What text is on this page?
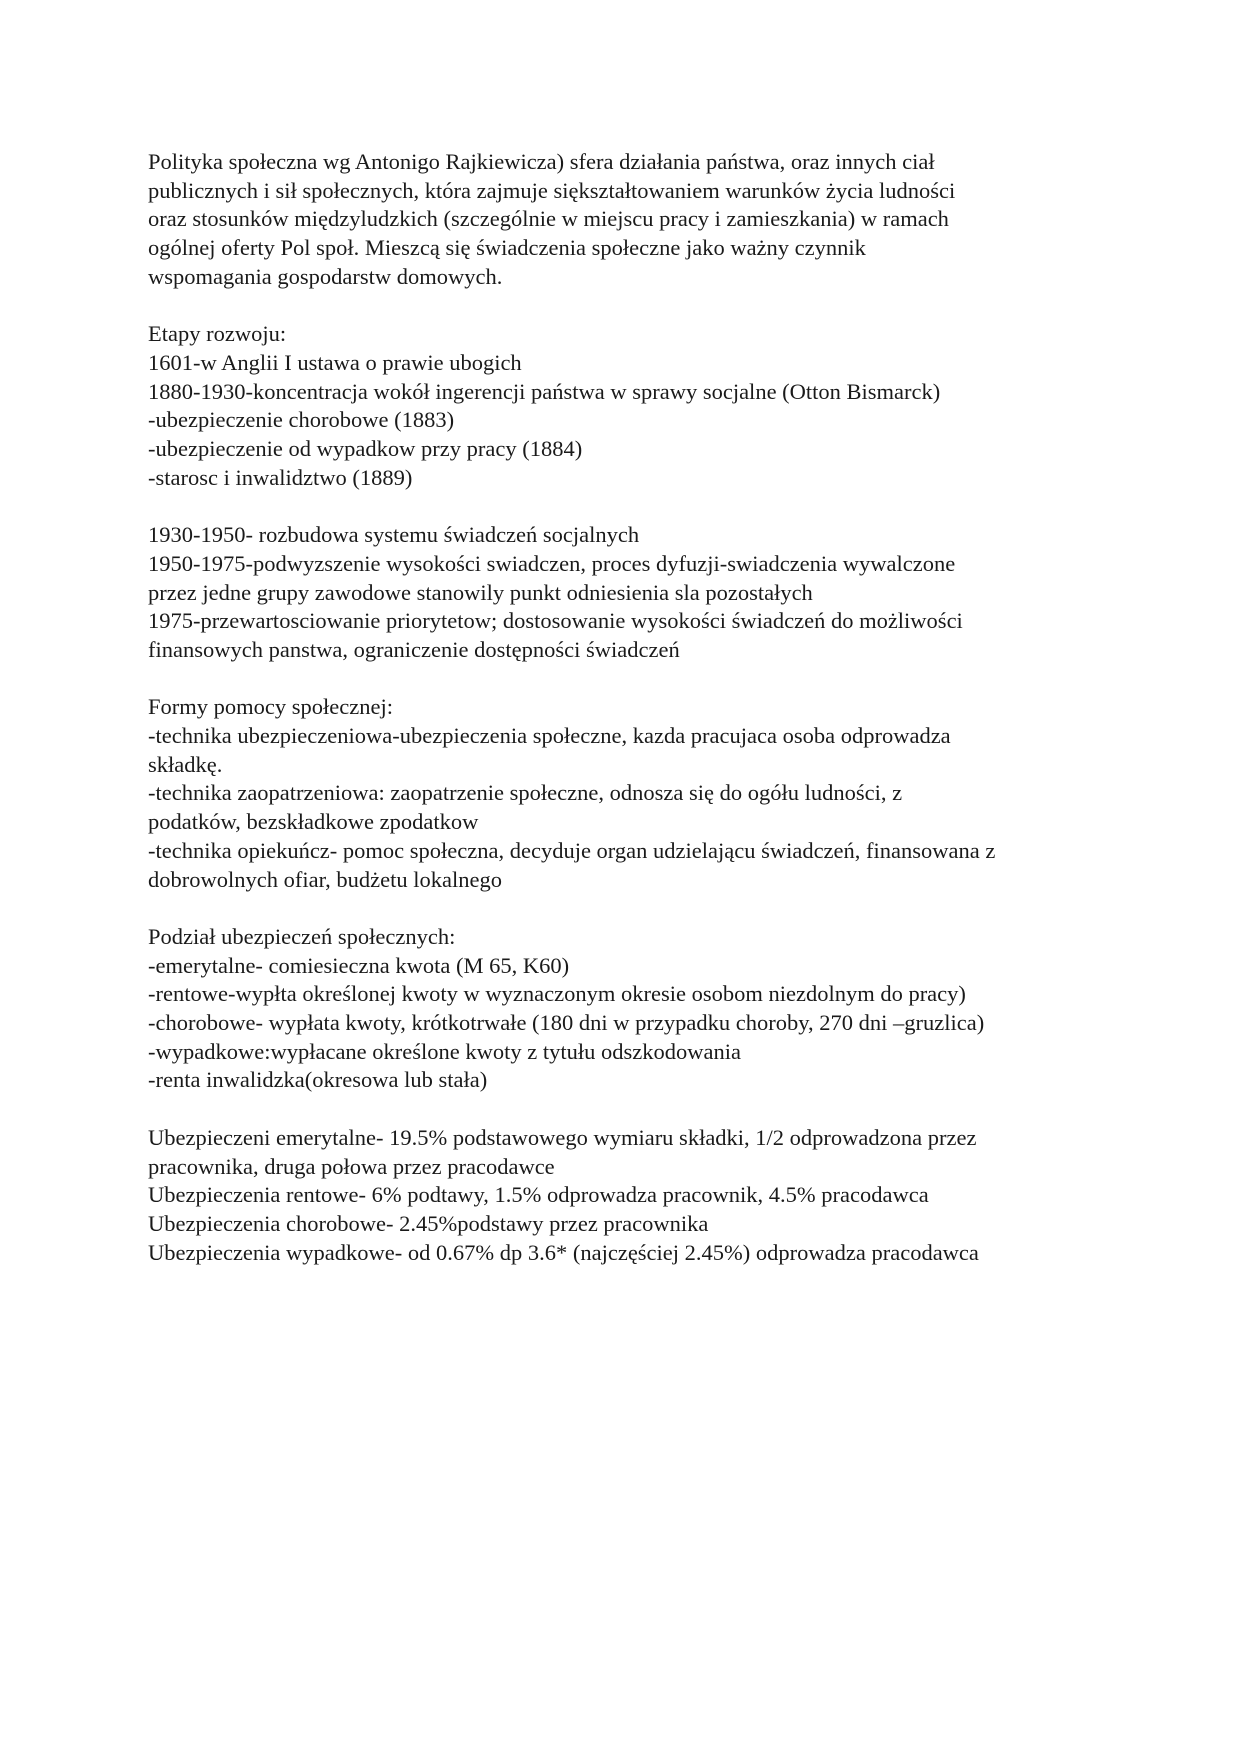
Polityka społeczna wg Antonigo Rajkiewicza) sfera działania państwa, oraz innych ciał
publicznych i sił społecznych, która zajmuje siękształtowaniem warunków życia ludności
oraz stosunków międzyludzkich (szczególnie w miejscu pracy i zamieszkania) w ramach
ogólnej oferty Pol społ. Mieszcą się świadczenia społeczne jako ważny czynnik
wspomagania gospodarstw domowych.

Etapy rozwoju:
1601-w Anglii I ustawa o prawie ubogich
1880-1930-koncentracja wokół ingerencji państwa w sprawy socjalne (Otton Bismarck)
-ubezpieczenie chorobowe (1883)
-ubezpieczenie od wypadkow przy pracy (1884)
-starosc i inwalidztwo (1889)

1930-1950- rozbudowa systemu świadczeń socjalnych
1950-1975-podwyzszenie wysokości swiadczen, proces dyfuzji-swiadczenia wywalczone
przez jedne grupy zawodowe stanowily punkt odniesienia sla pozostałych
1975-przewartosciowanie priorytetow; dostosowanie wysokości świadczeń do możliwości
finansowych panstwa, ograniczenie dostępności świadczeń

Formy pomocy społecznej:
-technika ubezpieczeniowa-ubezpieczenia społeczne, kazda pracujaca osoba odprowadza
składkę.
-technika zaopatrzeniowa: zaopatrzenie społeczne, odnosza się do ogółu ludności, z
podatków, bezskładkowe zpodatkow
-technika opiekuńcz- pomoc społeczna, decyduje organ udzielającu świadczeń, finansowana z
dobrowolnych ofiar, budżetu lokalnego

Podział ubezpieczeń społecznych:
-emerytalne- comiesieczna kwota (M 65, K60)
-rentowe-wypłta określonej kwoty w wyznaczonym okresie osobom niezdolnym do pracy)
-chorobowe- wypłata kwoty, krótkotrwałe (180 dni w przypadku choroby, 270 dni –gruzlica)
-wypadkowe:wypłacane określone kwoty z tytułu odszkodowania
-renta inwalidzka(okresowa lub stała)

Ubezpieczeni emerytalne- 19.5% podstawowego wymiaru składki, 1/2 odprowadzona przez
pracownika, druga połowa przez pracodawce
Ubezpieczenia rentowe- 6% podtawy, 1.5% odprowadza pracownik, 4.5% pracodawca
Ubezpieczenia chorobowe- 2.45%podstawy przez pracownika
Ubezpieczenia wypadkowe- od 0.67% dp 3.6* (najczęściej 2.45%) odprowadza pracodawca
